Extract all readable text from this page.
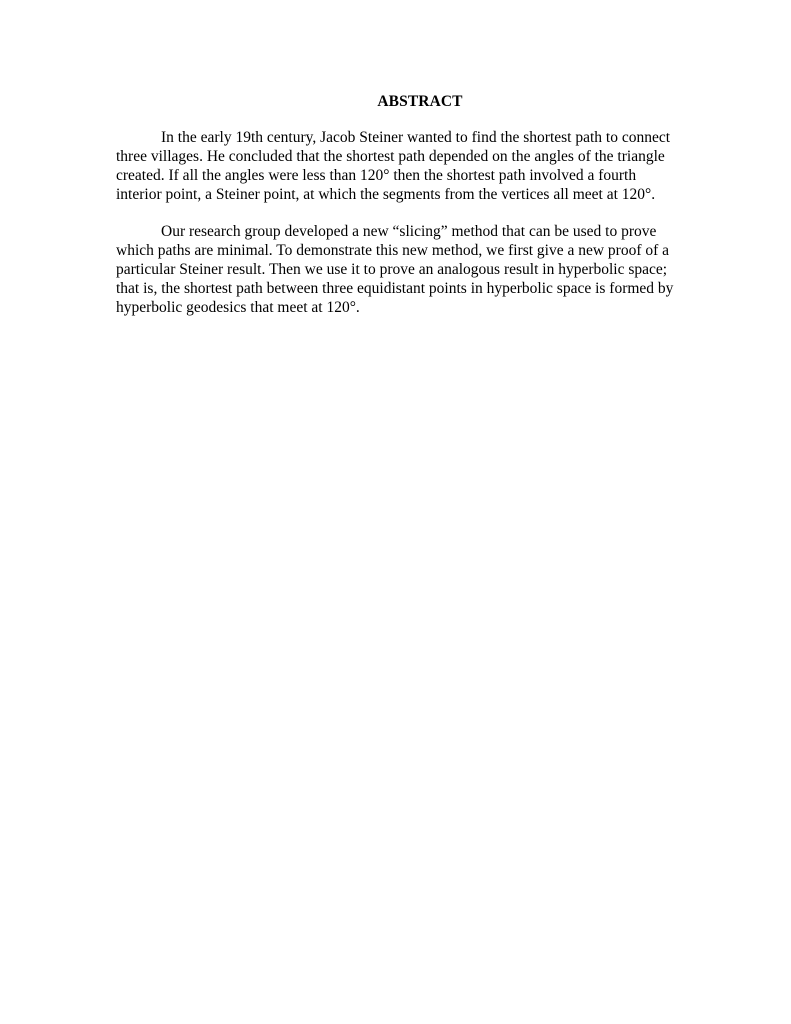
ABSTRACT

In the early 19th century, Jacob Steiner wanted to find the shortest path to connect
three villages. He concluded that the shortest path depended on the angles of the triangle
created. If all the angles were less than 120° then the shortest path involved a fourth
interior point, a Steiner point, at which the segments from the vertices all meet at 120°.

Our research group developed a new “slicing” method that can be used to prove
which paths are minimal. To demonstrate this new method, we first give a new proof of a
particular Steiner result. Then we use it to prove an analogous result in hyperbolic space;
that is, the shortest path between three equidistant points in hyperbolic space is formed by
hyperbolic geodesics that meet at 120°.
